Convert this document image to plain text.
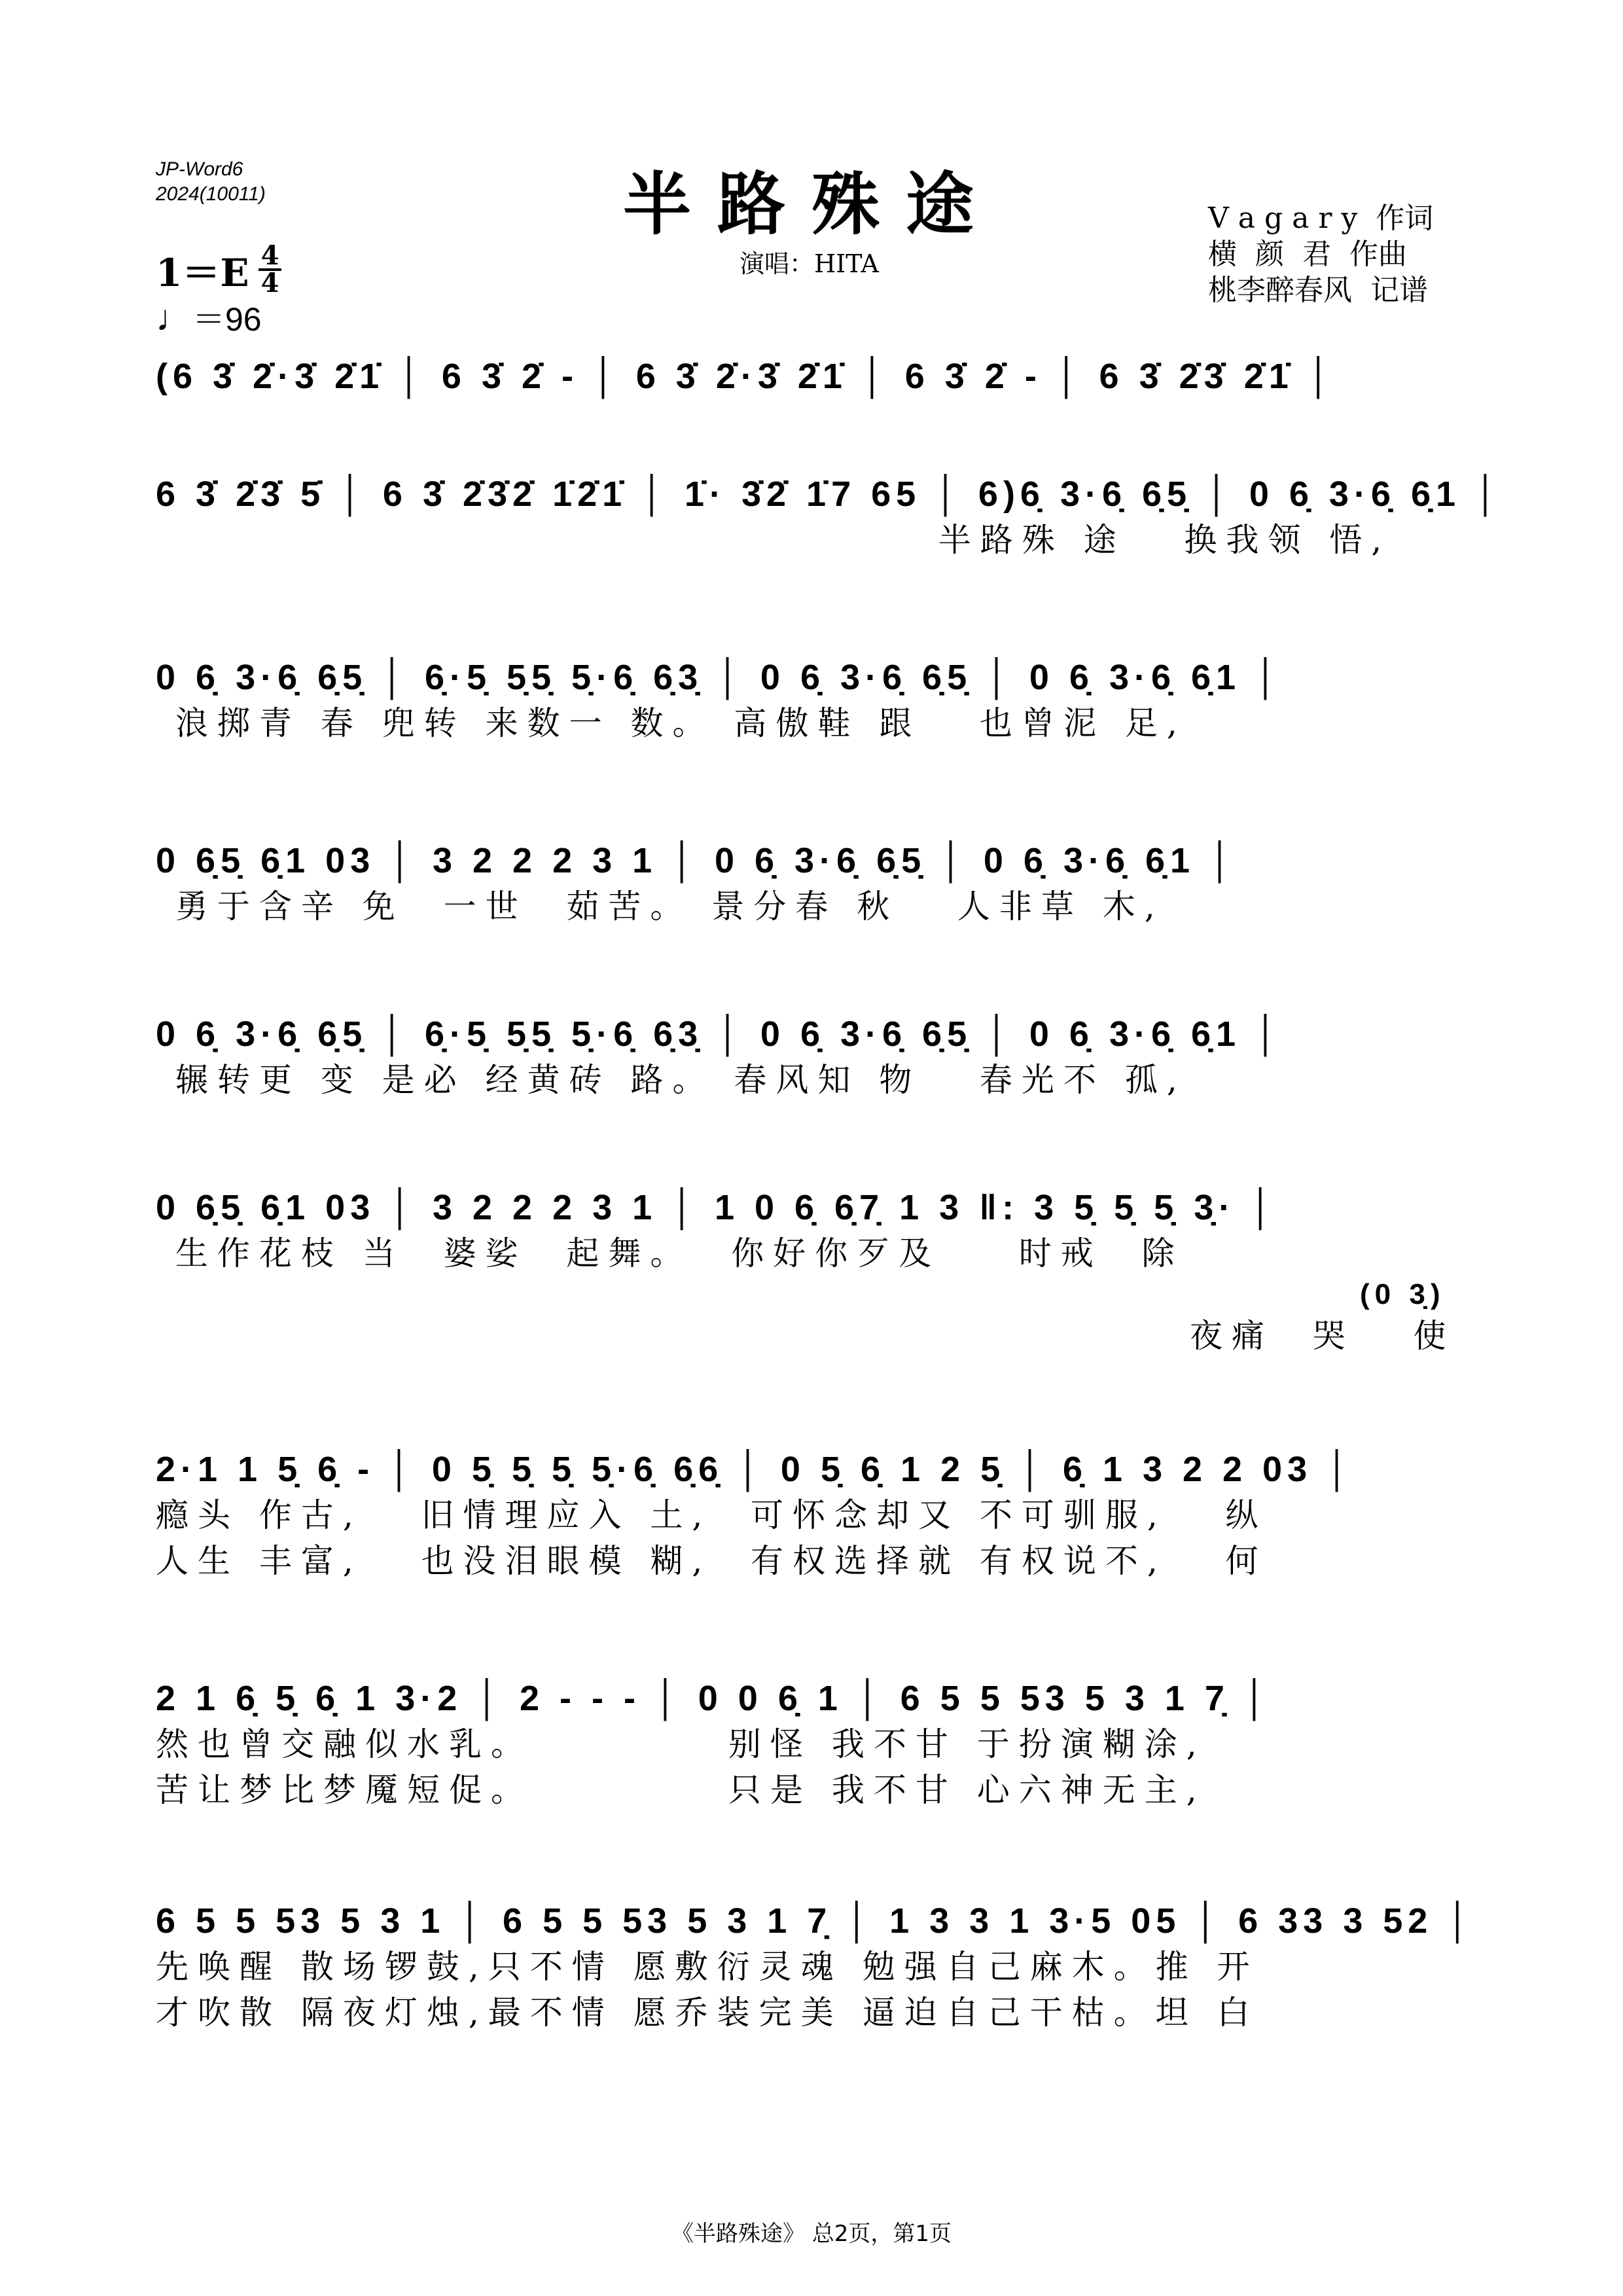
JP-Word6
2024(10011)	半路殊途
演唱：HITA
V a g a r y  作词
横  颜  君  作曲
桃李醉春风  记谱
$1=E \frac{4}{4}$
♩＝96
(6 3̇ 2̇·3̇ 2̇1̇ │ 6 3̇ 2̇ - │ 6 3̇ 2̇·3̇ 2̇1̇ │ 6 3̇ 2̇ - │ 6 3̇ 2̇3̇ 2̇1̇ │
6 3̇ 2̇3̇ 5̇ │ 6 3̇ 2̇3̇2̇ 1̇2̇1̇ │ 1̇· 3̇2̇ 1̇7 65 │ 6)6̣ 3·6̣ 6̣5̣ │ 0 6̣ 3·6̣ 6̣1 │
半路殊 途   换我领 悟,
0 6̣ 3·6̣ 6̣5̣ │ 6̣·5̣ 5̣5̣ 5̣·6̣ 6̣3̣ │ 0 6̣ 3·6̣ 6̣5̣ │ 0 6̣ 3·6̣ 6̣1 │
浪掷青 春 兜转 来数一 数。 高傲鞋 跟   也曾泥 足,
0 6̣5̣ 6̣1 03 │ 3 2 2 2 3 1 │ 0 6̣ 3·6̣ 6̣5̣ │ 0 6̣ 3·6̣ 6̣1 │
勇于含辛 免  一世  茹苦。 景分春 秋   人非草 木,
0 6̣ 3·6̣ 6̣5̣ │ 6̣·5̣ 5̣5̣ 5̣·6̣ 6̣3̣ │ 0 6̣ 3·6̣ 6̣5̣ │ 0 6̣ 3·6̣ 6̣1 │
辗转更 变 是必 经黄砖 路。 春风知 物   春光不 孤,
0 6̣5̣ 6̣1 03 │ 3 2 2 2 3 1 │ 1 0 6̣ 6̣7̣ 1 3 ‖: 3 5̣ 5̣ 5̣ 3̣· │
生作花枝 当  婆娑  起舞。  你好你歹及    时戒  除
(0 3̣)
夜痛  哭   使
2·1 1 5̣ 6̣ - │ 0 5̣ 5̣ 5̣ 5̣·6̣ 6̣6̣ │ 0 5̣ 6̣ 1 2 5̣ │ 6̣ 1 3 2 2 03 │
瘾头 作古,   旧情理应入 土,  可怀念却又 不可驯服,   纵
人生 丰富,   也没泪眼模 糊,  有权选择就 有权说不,   何
2 1 6̣ 5̣ 6̣ 1 3·2 │ 2 - - - │ 0 0 6̣ 1 │ 6 5 5 53 5 3 1 7̣ │
然也曾交融似水乳。          别怪 我不甘 于扮演糊涂,
苦让梦比梦魇短促。          只是 我不甘 心六神无主,
6 5 5 53 5 3 1 │ 6 5 5 53 5 3 1 7̣ │ 1 3 3 1 3·5 05 │ 6 33 3 52 │
先唤醒 散场锣鼓,只不情 愿敷衍灵魂 勉强自己麻木。推 开
才吹散 隔夜灯烛,最不情 愿乔装完美 逼迫自己干枯。坦 白
《半路殊途》 总2页，第1页
